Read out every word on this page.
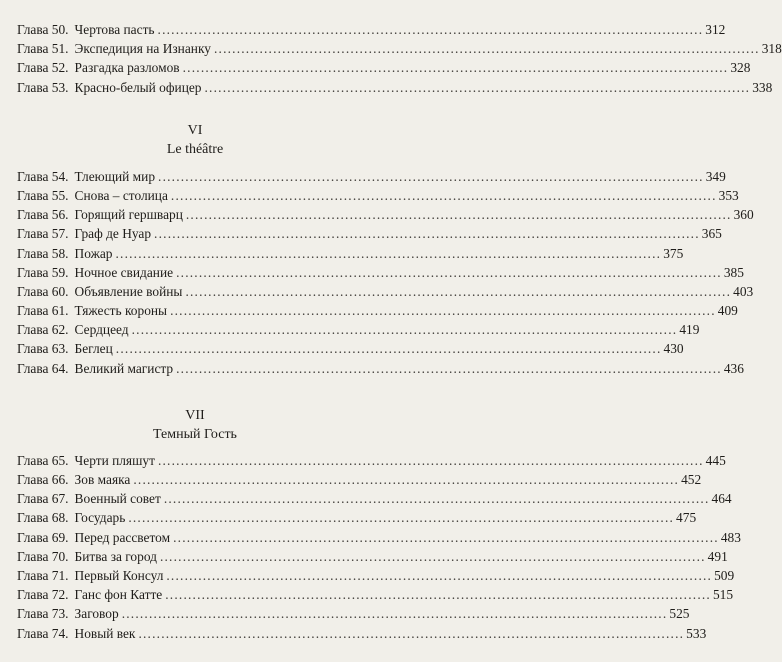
Глава 50. Чертова пасть ........................................................................................................................ 312
Глава 51. Экспедиция на Изнанку ........................................................................................................................ 318
Глава 52. Разгадка разломов ........................................................................................................................ 328
Глава 53. Красно-белый офицер ........................................................................................................................ 338
VI
Le théâtre
Глава 54. Тлеющий мир ........................................................................................................................ 349
Глава 55. Снова – столица ........................................................................................................................ 353
Глава 56. Горящий гершварц ........................................................................................................................ 360
Глава 57. Граф де Нуар ........................................................................................................................ 365
Глава 58. Пожар ........................................................................................................................ 375
Глава 59. Ночное свидание ........................................................................................................................ 385
Глава 60. Объявление войны ........................................................................................................................ 403
Глава 61. Тяжесть короны ........................................................................................................................ 409
Глава 62. Сердцеед ........................................................................................................................ 419
Глава 63. Беглец ........................................................................................................................ 430
Глава 64. Великий магистр ........................................................................................................................ 436
VII
Темный Гость
Глава 65. Черти пляшут ........................................................................................................................ 445
Глава 66. Зов маяка ........................................................................................................................ 452
Глава 67. Военный совет ........................................................................................................................ 464
Глава 68. Государь ........................................................................................................................ 475
Глава 69. Перед рассветом ........................................................................................................................ 483
Глава 70. Битва за город ........................................................................................................................ 491
Глава 71. Первый Консул ........................................................................................................................ 509
Глава 72. Ганс фон Катте ........................................................................................................................ 515
Глава 73. Заговор ........................................................................................................................ 525
Глава 74. Новый век ........................................................................................................................ 533
